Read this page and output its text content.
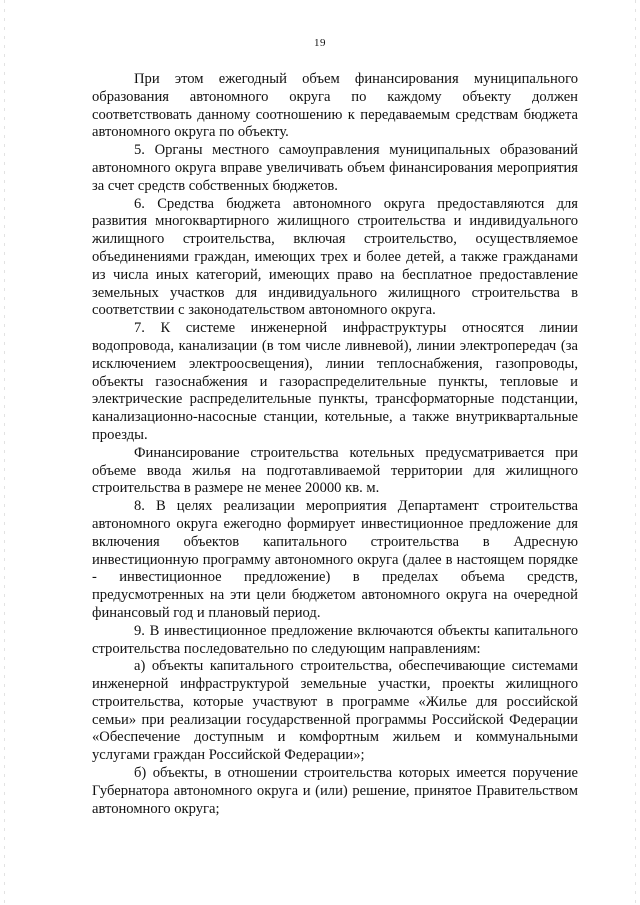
19

При этом ежегодный объем финансирования муниципального образования автономного округа по каждому объекту должен соответствовать данному соотношению к передаваемым средствам бюджета автономного округа по объекту.

5. Органы местного самоуправления муниципальных образований автономного округа вправе увеличивать объем финансирования мероприятия за счет средств собственных бюджетов.

6. Средства бюджета автономного округа предоставляются для развития многоквартирного жилищного строительства и индивидуального жилищного строительства, включая строительство, осуществляемое объединениями граждан, имеющих трех и более детей, а также гражданами из числа иных категорий, имеющих право на бесплатное предоставление земельных участков для индивидуального жилищного строительства в соответствии с законодательством автономного округа.

7. К системе инженерной инфраструктуры относятся линии водопровода, канализации (в том числе ливневой), линии электропередач (за исключением электроосвещения), линии теплоснабжения, газопроводы, объекты газоснабжения и газораспределительные пункты, тепловые и электрические распределительные пункты, трансформаторные подстанции, канализационно-насосные станции, котельные, а также внутриквартальные проезды.

Финансирование строительства котельных предусматривается при объеме ввода жилья на подготавливаемой территории для жилищного строительства в размере не менее 20000 кв. м.

8. В целях реализации мероприятия Департамент строительства автономного округа ежегодно формирует инвестиционное предложение для включения объектов капитального строительства в Адресную инвестиционную программу автономного округа (далее в настоящем порядке - инвестиционное предложение) в пределах объема средств, предусмотренных на эти цели бюджетом автономного округа на очередной финансовый год и плановый период.

9. В инвестиционное предложение включаются объекты капитального строительства последовательно по следующим направлениям:

а) объекты капитального строительства, обеспечивающие системами инженерной инфраструктурой земельные участки, проекты жилищного строительства, которые участвуют в программе «Жилье для российской семьи» при реализации государственной программы Российской Федерации «Обеспечение доступным и комфортным жильем и коммунальными услугами граждан Российской Федерации»;

б) объекты, в отношении строительства которых имеется поручение Губернатора автономного округа и (или) решение, принятое Правительством автономного округа;
